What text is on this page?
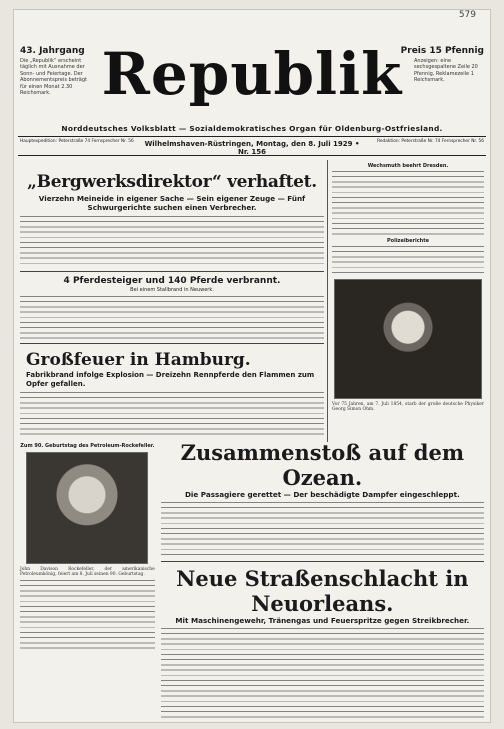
579
43. Jahrgang	Preis 15 Pfennig
Die „Republik“ erscheint täglich mit Ausnahme der Sonn- und Feiertage. Der Abonnementspreis beträgt für einen Monat 2.30 Reichsmark.
Anzeigen: eine sechsgespaltene Zeile 20 Pfennig, Reklamezeile 1 Reichsmark.
Republik
Norddeutsches Volksblatt — Sozialdemokratisches Organ für Oldenburg-Ostfriesland.
Hauptexpedition: Peterstraße 74 Fernsprecher Nr. 56	Wilhelmshaven-Rüstringen, Montag, den 8. Juli 1929 • Nr. 156
Redaktion: Peterstraße Nr. 74 Fernsprecher Nr. 56
„Bergwerksdirektor“ verhaftet.
Vierzehn Meineide in eigener Sache — Sein eigener Zeuge — Fünf Schwurgerichte suchen einen Verbrecher.
4 Pferdesteiger und 140 Pferde verbrannt.
Bei einem Stallbrand in Neuwerk.
Großfeuer in Hamburg.
Fabrikbrand infolge Explosion — Dreizehn Rennpferde den Flammen zum Opfer gefallen.
Wechsmuth beehrt Dresden.
Polizeiberichte
Vor 75 Jahren, am 7. Juli 1854, starb der große deutsche Physiker Georg Simon Ohm.
Zum 90. Geburtstag des Petroleum-Rockefeller.
John Davison Rockefeller, der amerikanische Petroleumkönig, feiert am 8. Juli seinen 90. Geburtstag.
Zusammenstoß auf dem Ozean.
Die Passagiere gerettet — Der beschädigte Dampfer eingeschleppt.
Neue Straßenschlacht in Neuorleans.
Mit Maschinengewehr, Tränengas und Feuerspritze gegen Streikbrecher.
